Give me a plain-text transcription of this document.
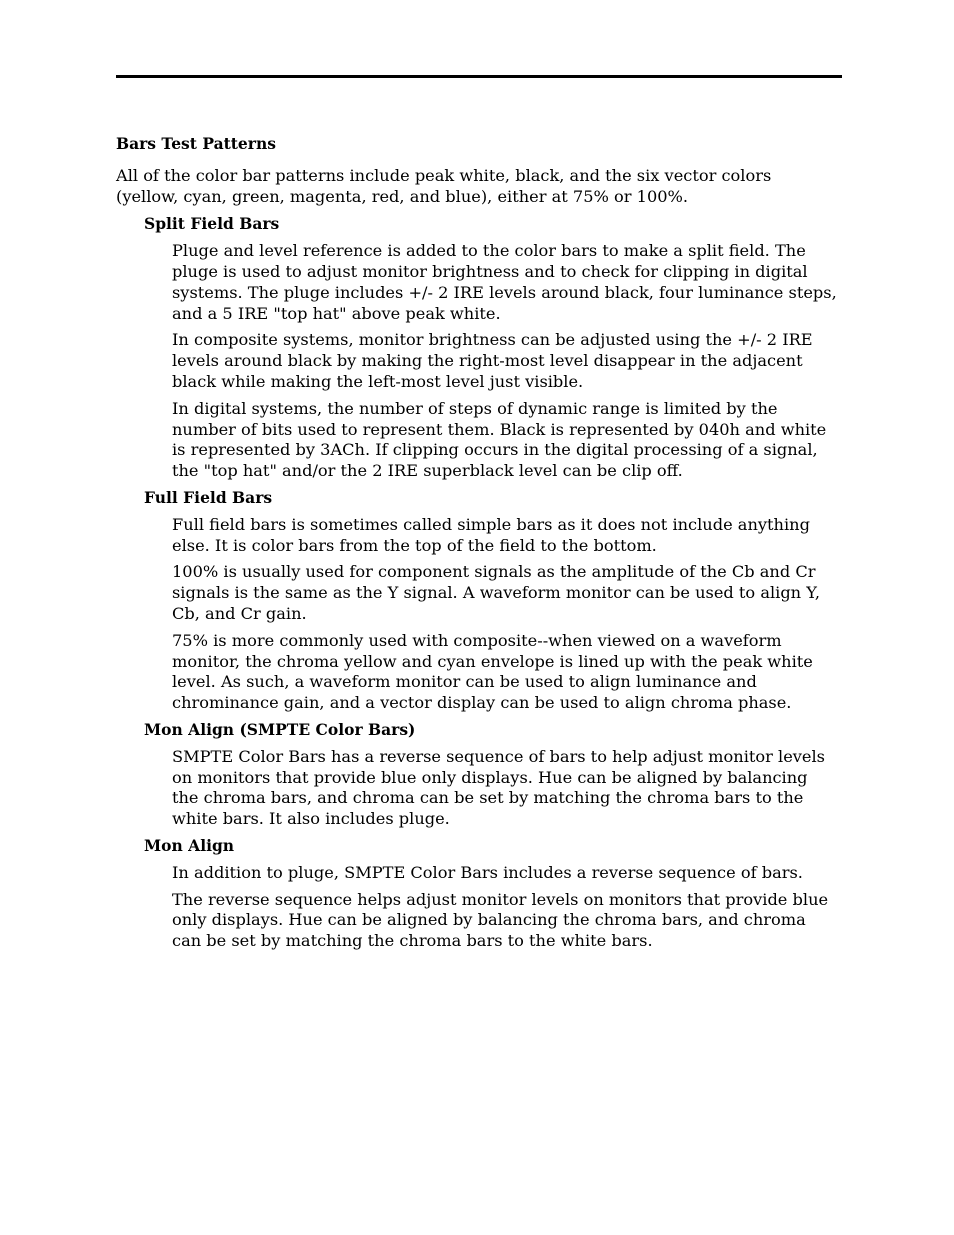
Bars Test Patterns

All of the color bar patterns include peak white, black, and the six vector colors (yellow, cyan, green, magenta, red, and blue), either at 75% or 100%.

Split Field Bars

Pluge and level reference is added to the color bars to make a split field. The pluge is used to adjust monitor brightness and to check for clipping in digital systems. The pluge includes +/- 2 IRE levels around black, four luminance steps, and a 5 IRE "top hat" above peak white.

In composite systems, monitor brightness can be adjusted using the +/- 2 IRE levels around black by making the right-most level disappear in the adjacent black while making the left-most level just visible.

In digital systems, the number of steps of dynamic range is limited by the number of bits used to represent them. Black is represented by 040h and white is represented by 3ACh. If clipping occurs in the digital processing of a signal, the "top hat" and/or the 2 IRE superblack level can be clip off.

Full Field Bars

Full field bars is sometimes called simple bars as it does not include anything else. It is color bars from the top of the field to the bottom.

100% is usually used for component signals as the amplitude of the Cb and Cr signals is the same as the Y signal. A waveform monitor can be used to align Y, Cb, and Cr gain.

75% is more commonly used with composite--when viewed on a waveform monitor, the chroma yellow and cyan envelope is lined up with the peak white level. As such, a waveform monitor can be used to align luminance and chrominance gain, and a vector display can be used to align chroma phase.

Mon Align (SMPTE Color Bars)

SMPTE Color Bars has a reverse sequence of bars to help adjust monitor levels on monitors that provide blue only displays. Hue can be aligned by balancing the chroma bars, and chroma can be set by matching the chroma bars to the white bars. It also includes pluge.

Mon Align

In addition to pluge, SMPTE Color Bars includes a reverse sequence of bars.

The reverse sequence helps adjust monitor levels on monitors that provide blue only displays. Hue can be aligned by balancing the chroma bars, and chroma can be set by matching the chroma bars to the white bars.
